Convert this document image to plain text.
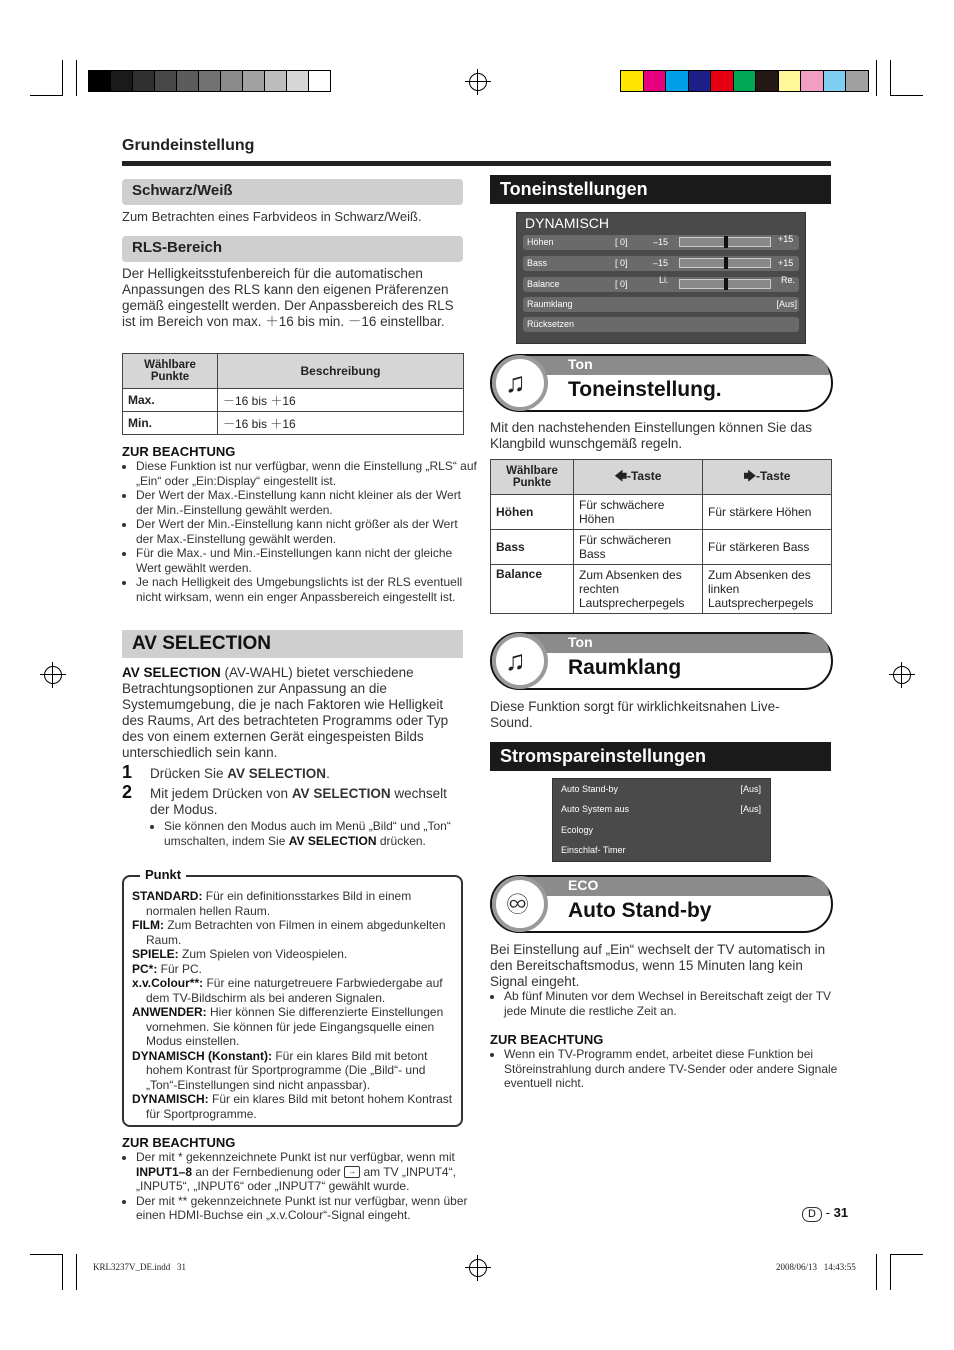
Grundeinstellung
Schwarz/Weiß
Zum Betrachten eines Farbvideos in Schwarz/Weiß.
RLS-Bereich
Der Helligkeitsstufenbereich für die automatischen Anpassungen des RLS kann den eigenen Präferenzen gemäß eingestellt werden. Der Anpassbereich des RLS ist im Bereich von max. ＋16 bis min. －16 einstellbar.
Wählbare Punkte	Beschreibung
Max.	－16 bis ＋16
Min.	－16 bis ＋16
ZUR BEACHTUNG
• Diese Funktion ist nur verfügbar, wenn die Einstellung „RLS“ auf „Ein“ oder „Ein:Display“ eingestellt ist.
• Der Wert der Max.-Einstellung kann nicht kleiner als der Wert der Min.-Einstellung gewählt werden.
• Der Wert der Min.-Einstellung kann nicht größer als der Wert der Max.-Einstellung gewählt werden.
• Für die Max.- und Min.-Einstellungen kann nicht der gleiche Wert gewählt werden.
• Je nach Helligkeit des Umgebungslichts ist der RLS eventuell nicht wirksam, wenn ein enger Anpassbereich eingestellt ist.
AV SELECTION
AV SELECTION (AV-WAHL) bietet verschiedene Betrachtungsoptionen zur Anpassung an die Systemumgebung, die je nach Faktoren wie Helligkeit des Raums, Art des betrachteten Programms oder Typ des von einem externen Gerät eingespeisten Bilds unterschiedlich sein kann.
1 Drücken Sie AV SELECTION.
2 Mit jedem Drücken von AV SELECTION wechselt der Modus.
• Sie können den Modus auch im Menü „Bild“ und „Ton“ umschalten, indem Sie AV SELECTION drücken.
Punkt
STANDARD: Für ein definitionsstarkes Bild in einem normalen hellen Raum.
FILM: Zum Betrachten von Filmen in einem abgedunkelten Raum.
SPIELE: Zum Spielen von Videospielen.
PC*: Für PC.
x.v.Colour**: Für eine naturgetreuere Farbwiedergabe auf dem TV-Bildschirm als bei anderen Signalen.
ANWENDER: Hier können Sie differenzierte Einstellungen vornehmen. Sie können für jede Eingangsquelle einen Modus einstellen.
DYNAMISCH (Konstant): Für ein klares Bild mit betont hohem Kontrast für Sportprogramme (Die „Bild“- und „Ton“-Einstellungen sind nicht anpassbar).
DYNAMISCH: Für ein klares Bild mit betont hohem Kontrast für Sportprogramme.
ZUR BEACHTUNG
• Der mit * gekennzeichnete Punkt ist nur verfügbar, wenn mit INPUT1–8 an der Fernbedienung oder → am TV „INPUT4“, „INPUT5“, „INPUT6“ oder „INPUT7“ gewählt wurde.
• Der mit ** gekennzeichnete Punkt ist nur verfügbar, wenn über einen HDMI-Buchse ein „x.v.Colour“-Signal eingeht.
Toneinstellungen
DYNAMISCH
Höhen	[ 0]	–15	+15
Bass	[ 0]	–15	+15
Balance	[ 0]	Li.	Re.
Raumklang	[Aus]
Rücksetzen
Ton
Toneinstellung.
♫
Mit den nachstehenden Einstellungen können Sie das Klangbild wunschgemäß regeln.
Wählbare Punkte	🡄-Taste	🡆-Taste
Höhen	Für schwächere Höhen	Für stärkere Höhen
Bass	Für schwächeren Bass	Für stärkeren Bass
Balance	Zum Absenken des rechten Lautsprecherpegels	Zum Absenken des linken Lautsprecherpegels
Ton
Raumklang
♫
Diese Funktion sorgt für wirklichkeitsnahen Live-Sound.
Stromspareinstellungen
Auto Stand-by	[Aus]
Auto System aus	[Aus]
Ecology
Einschlaf- Timer
ECO
Auto Stand-by
♾
Bei Einstellung auf „Ein“ wechselt der TV automatisch in den Bereitschaftsmodus, wenn 15 Minuten lang kein Signal eingeht.
• Ab fünf Minuten vor dem Wechsel in Bereitschaft zeigt der TV jede Minute die restliche Zeit an.
ZUR BEACHTUNG
• Wenn ein TV-Programm endet, arbeitet diese Funktion bei Störeinstrahlung durch andere TV-Sender oder andere Signale eventuell nicht.
D - 31
KRL3237V_DE.indd   31	2008/06/13   14:43:55
